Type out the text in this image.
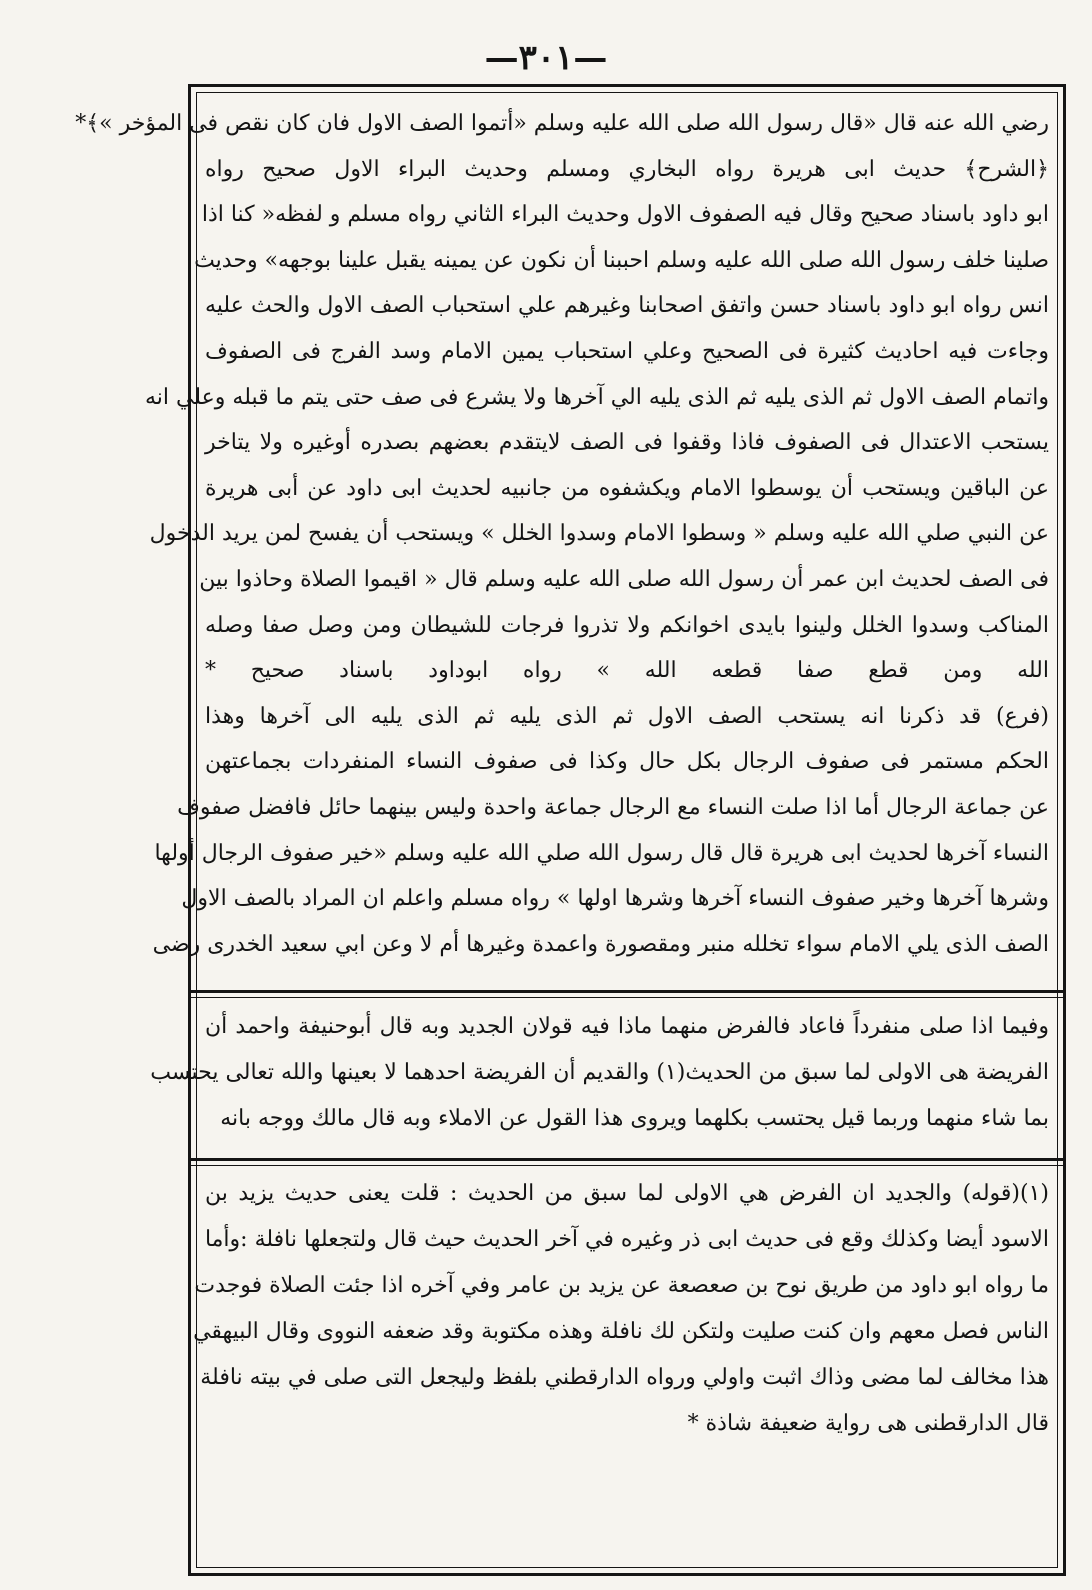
—٣٠١—
رضي الله عنه قال «قال رسول الله صلى الله عليه وسلم «أتموا الصف الاول فان كان نقص فى المؤخر »﴾*
﴿الشرح﴾ حديث ابى هريرة رواه البخاري ومسلم وحديث البراء الاول صحيح رواه
ابو داود باسناد صحيح وقال فيه الصفوف الاول وحديث البراء الثاني رواه مسلم و لفظه« كنا اذا
صلينا خلف رسول الله صلى الله عليه وسلم احببنا أن نكون عن يمينه يقبل علينا بوجهه» وحديث
انس رواه ابو داود باسناد حسن واتفق اصحابنا وغيرهم علي استحباب الصف الاول والحث عليه
وجاءت فيه احاديث كثيرة فى الصحيح وعلي استحباب يمين الامام وسد الفرج فى الصفوف
واتمام الصف الاول ثم الذى يليه ثم الذى يليه الي آخرها ولا يشرع فى صف حتى يتم ما قبله وعلي انه
يستحب الاعتدال فى الصفوف فاذا وقفوا فى الصف لايتقدم بعضهم بصدره أوغيره ولا يتاخر
عن الباقين ويستحب أن يوسطوا الامام ويكشفوه من جانبيه لحديث ابى داود عن أبى هريرة
عن النبي صلي الله عليه وسلم « وسطوا الامام وسدوا الخلل » ويستحب أن يفسح لمن يريد الدخول
فى الصف لحديث ابن عمر أن رسول الله صلى الله عليه وسلم قال « اقيموا الصلاة وحاذوا بين
المناكب وسدوا الخلل ولينوا بايدى اخوانكم ولا تذروا فرجات للشيطان ومن وصل صفا وصله
الله ومن قطع صفا قطعه الله » رواه ابوداود باسناد صحيح *
(فرع) قد ذكرنا انه يستحب الصف الاول ثم الذى يليه ثم الذى يليه الى آخرها وهذا
الحكم مستمر فى صفوف الرجال بكل حال وكذا فى صفوف النساء المنفردات بجماعتهن
عن جماعة الرجال أما اذا صلت النساء مع الرجال جماعة واحدة وليس بينهما حائل فافضل صفوف
النساء آخرها لحديث ابى هريرة قال قال رسول الله صلي الله عليه وسلم «خير صفوف الرجال أولها
وشرها آخرها وخير صفوف النساء آخرها وشرها اولها » رواه مسلم واعلم ان المراد بالصف الاول
الصف الذى يلي الامام سواء تخلله منبر ومقصورة واعمدة وغيرها أم لا وعن ابي سعيد الخدرى رضى
وفيما اذا صلى منفرداً فاعاد فالفرض منهما ماذا فيه قولان الجديد وبه قال أبوحنيفة واحمد أن
الفريضة هى الاولى لما سبق من الحديث(١) والقديم أن الفريضة احدهما لا بعينها والله تعالى يحتسب
بما شاء منهما وربما قيل يحتسب بكلهما ويروى هذا القول عن الاملاء وبه قال مالك ووجه بانه
(١)(قوله) والجديد ان الفرض هي الاولى لما سبق من الحديث : قلت يعنى حديث يزيد بن
الاسود أيضا وكذلك وقع فى حديث ابى ذر وغيره في آخر الحديث حيث قال ولتجعلها نافلة :وأما
ما رواه ابو داود من طريق نوح بن صعصعة عن يزيد بن عامر وفي آخره اذا جئت الصلاة فوجدت
الناس فصل معهم وان كنت صليت ولتكن لك نافلة وهذه مكتوبة وقد ضعفه النووى وقال البيهقي
هذا مخالف لما مضى وذاك اثبت واولي ورواه الدارقطني بلفظ وليجعل التى صلى في بيته نافلة
قال الدارقطنى هى رواية ضعيفة شاذة *
